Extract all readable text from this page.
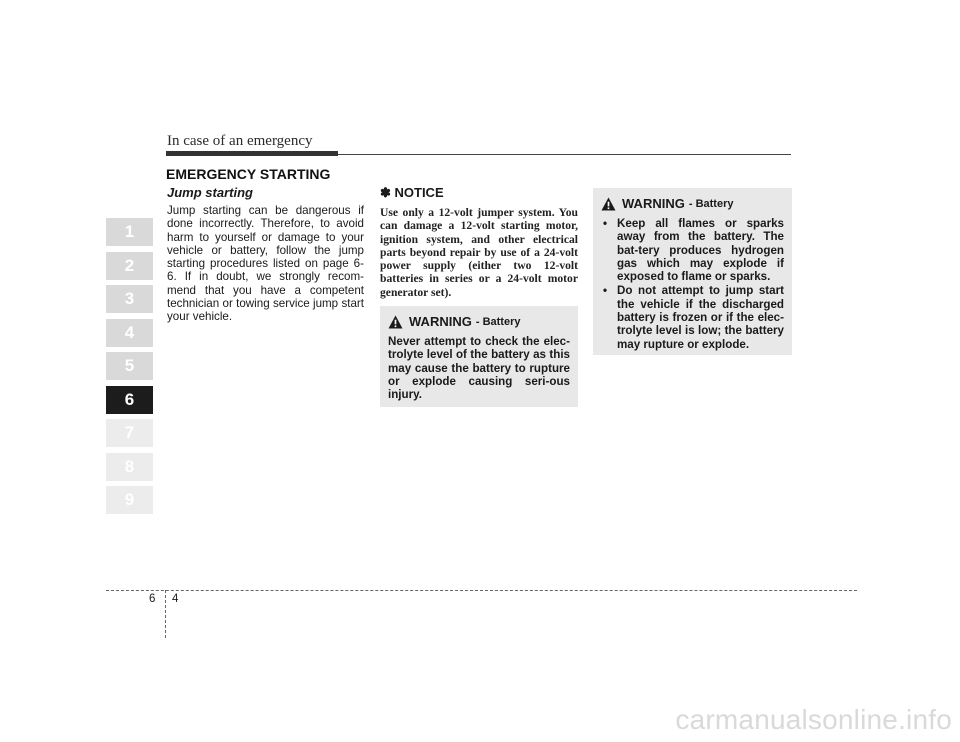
In case of an emergency
EMERGENCY STARTING
1
2
3
4
5
6
7
8
9
Jump starting

Jump starting can be dangerous if done incorrectly. Therefore, to avoid harm to yourself or damage to your vehicle or battery, follow the jump starting procedures listed on page 6-6. If in doubt, we strongly recom-mend that you have a competent technician or towing service jump start your vehicle.

✽ NOTICE

Use only a 12-volt jumper system. You can damage a 12-volt starting motor, ignition system, and other electrical parts beyond repair by use of a 24-volt power supply (either two 12-volt batteries in series or a 24-volt motor generator set).

WARNING - Battery
Never attempt to check the elec-trolyte level of the battery as this may cause the battery to rupture or explode causing seri-ous injury.
WARNING - Battery
• Keep all flames or sparks away from the battery. The bat-tery produces hydrogen gas which may explode if exposed to flame or sparks.
• Do not attempt to jump start the vehicle if the discharged battery is frozen or if the elec-trolyte level is low; the battery may rupture or explode.
6 4
carmanualsonline.info
